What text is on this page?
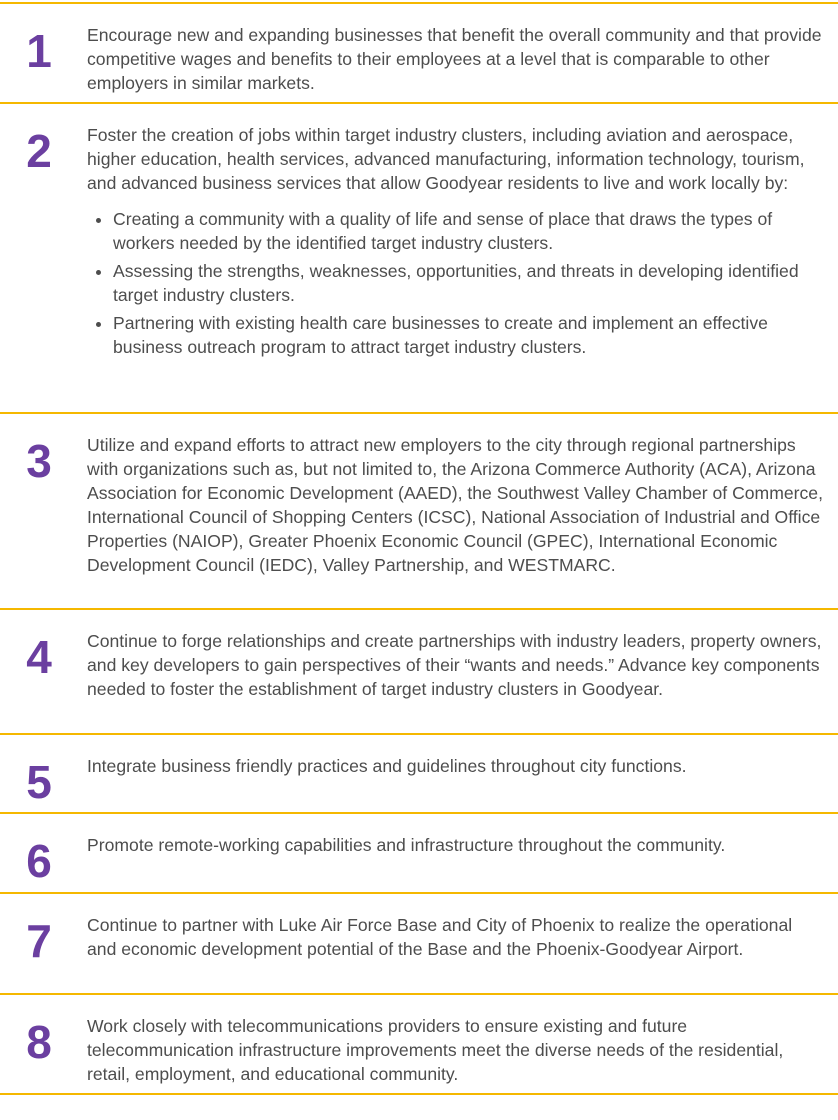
1 Encourage new and expanding businesses that benefit the overall community and that provide competitive wages and benefits to their employees at a level that is comparable to other employers in similar markets.
2 Foster the creation of jobs within target industry clusters, including aviation and aerospace, higher education, health services, advanced manufacturing, information technology, tourism, and advanced business services that allow Goodyear residents to live and work locally by:
• Creating a community with a quality of life and sense of place that draws the types of workers needed by the identified target industry clusters.
• Assessing the strengths, weaknesses, opportunities, and threats in developing identified target industry clusters.
• Partnering with existing health care businesses to create and implement an effective business outreach program to attract target industry clusters.
3 Utilize and expand efforts to attract new employers to the city through regional partnerships with organizations such as, but not limited to, the Arizona Commerce Authority (ACA), Arizona Association for Economic Development (AAED), the Southwest Valley Chamber of Commerce, International Council of Shopping Centers (ICSC), National Association of Industrial and Office Properties (NAIOP), Greater Phoenix Economic Council (GPEC), International Economic Development Council (IEDC), Valley Partnership, and WESTMARC.
4 Continue to forge relationships and create partnerships with industry leaders, property owners, and key developers to gain perspectives of their “wants and needs.” Advance key components needed to foster the establishment of target industry clusters in Goodyear.
5 Integrate business friendly practices and guidelines throughout city functions.
6 Promote remote-working capabilities and infrastructure throughout the community.
7 Continue to partner with Luke Air Force Base and City of Phoenix to realize the operational and economic development potential of the Base and the Phoenix-Goodyear Airport.
8 Work closely with telecommunications providers to ensure existing and future telecommunication infrastructure improvements meet the diverse needs of the residential, retail, employment, and educational community.
